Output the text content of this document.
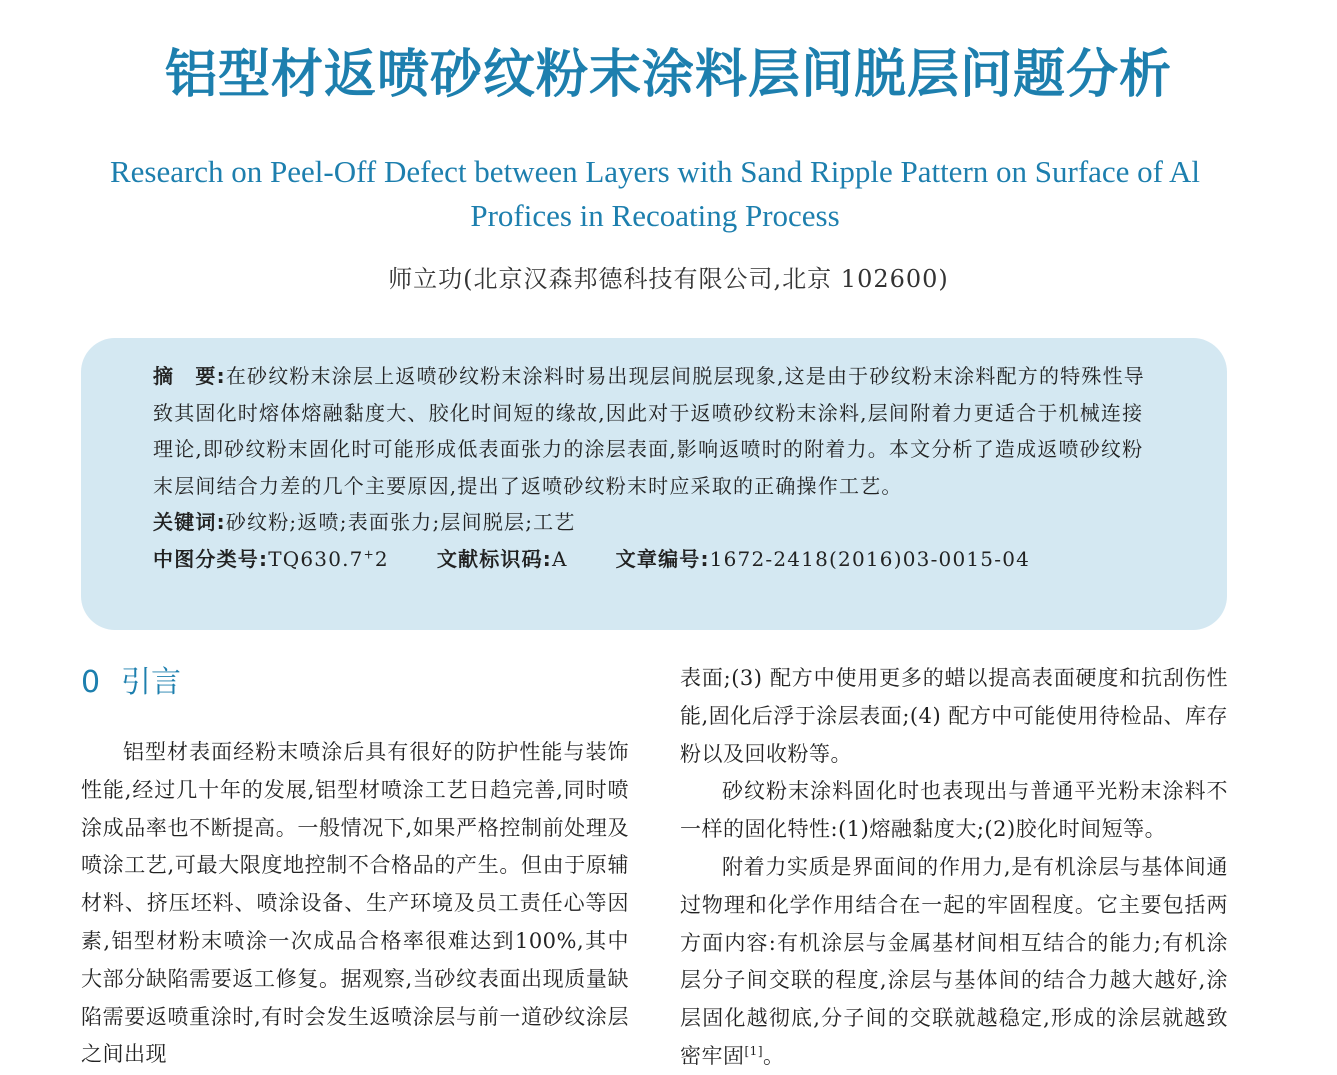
铝型材返喷砂纹粉末涂料层间脱层问题分析
Research on Peel-Off Defect between Layers with Sand Ripple Pattern on Surface of Al Profices in Recoating Process
师立功(北京汉森邦德科技有限公司,北京 102600)
摘　要:在砂纹粉末涂层上返喷砂纹粉末涂料时易出现层间脱层现象,这是由于砂纹粉末涂料配方的特殊性导致其固化时熔体熔融黏度大、胶化时间短的缘故,因此对于返喷砂纹粉末涂料,层间附着力更适合于机械连接理论,即砂纹粉末固化时可能形成低表面张力的涂层表面,影响返喷时的附着力。本文分析了造成返喷砂纹粉末层间结合力差的几个主要原因,提出了返喷砂纹粉末时应采取的正确操作工艺。
关键词:砂纹粉;返喷;表面张力;层间脱层;工艺
中图分类号:TQ630.7+2 文献标识码:A 文章编号:1672-2418(2016)03-0015-04
0 引言

铝型材表面经粉末喷涂后具有很好的防护性能与装饰性能,经过几十年的发展,铝型材喷涂工艺日趋完善,同时喷涂成品率也不断提高。一般情况下,如果严格控制前处理及喷涂工艺,可最大限度地控制不合格品的产生。但由于原辅材料、挤压坯料、喷涂设备、生产环境及员工责任心等因素,铝型材粉末喷涂一次成品合格率很难达到100%,其中大部分缺陷需要返工修复。据观察,当砂纹表面出现质量缺陷需要返喷重涂时,有时会发生返喷涂层与前一道砂纹涂层之间出现

表面;(3) 配方中使用更多的蜡以提高表面硬度和抗刮伤性能,固化后浮于涂层表面;(4) 配方中可能使用待检品、库存粉以及回收粉等。

砂纹粉末涂料固化时也表现出与普通平光粉末涂料不一样的固化特性:(1)熔融黏度大;(2)胶化时间短等。

附着力实质是界面间的作用力,是有机涂层与基体间通过物理和化学作用结合在一起的牢固程度。它主要包括两方面内容:有机涂层与金属基材间相互结合的能力;有机涂层分子间交联的程度,涂层与基体间的结合力越大越好,涂层固化越彻底,分子间的交联就越稳定,形成的涂层就越致密牢固[1]。
